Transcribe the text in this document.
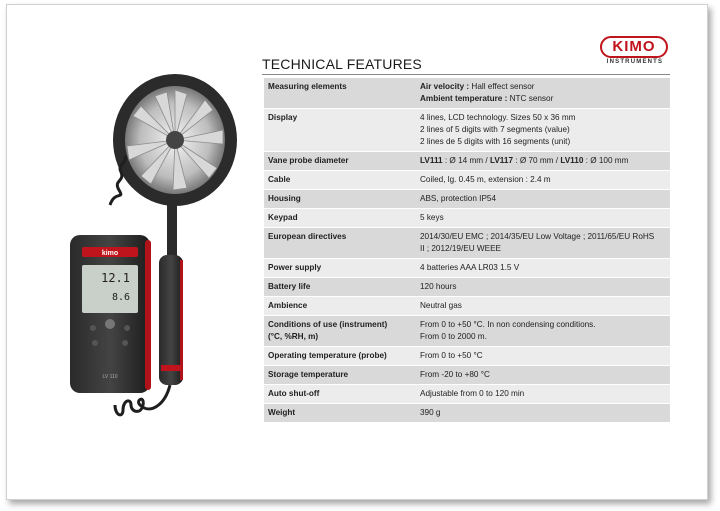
KIMO
INSTRUMENTS
TECHNICAL FEATURES
kimo
12.1
8.6
LV 110
Measuring elements	Air velocity : Hall effect sensor
Ambient temperature : NTC sensor

Display	4 lines, LCD technology. Sizes 50 x 36 mm
2 lines of 5 digits with 7 segments (value)
2 lines de 5 digits with 16 segments (unit)

Vane probe diameter	LV111 : Ø 14 mm / LV117 : Ø 70 mm / LV110 : Ø 100 mm

Cable	Coiled, lg. 0.45 m, extension : 2.4 m

Housing	ABS, protection IP54

Keypad	5 keys

European directives	2014/30/EU EMC ; 2014/35/EU Low Voltage ; 2011/65/EU RoHS
II ; 2012/19/EU WEEE

Power supply	4 batteries AAA LR03 1.5 V

Battery life	120 hours

Ambience	Neutral gas

Conditions of use (instrument)
(°C, %RH, m)	From 0 to +50 °C. In non condensing conditions.
From 0 to 2000 m.

Operating temperature (probe)	From 0 to +50 °C

Storage temperature	From -20 to +80 °C

Auto shut-off	Adjustable from 0 to 120 min

Weight	390 g
